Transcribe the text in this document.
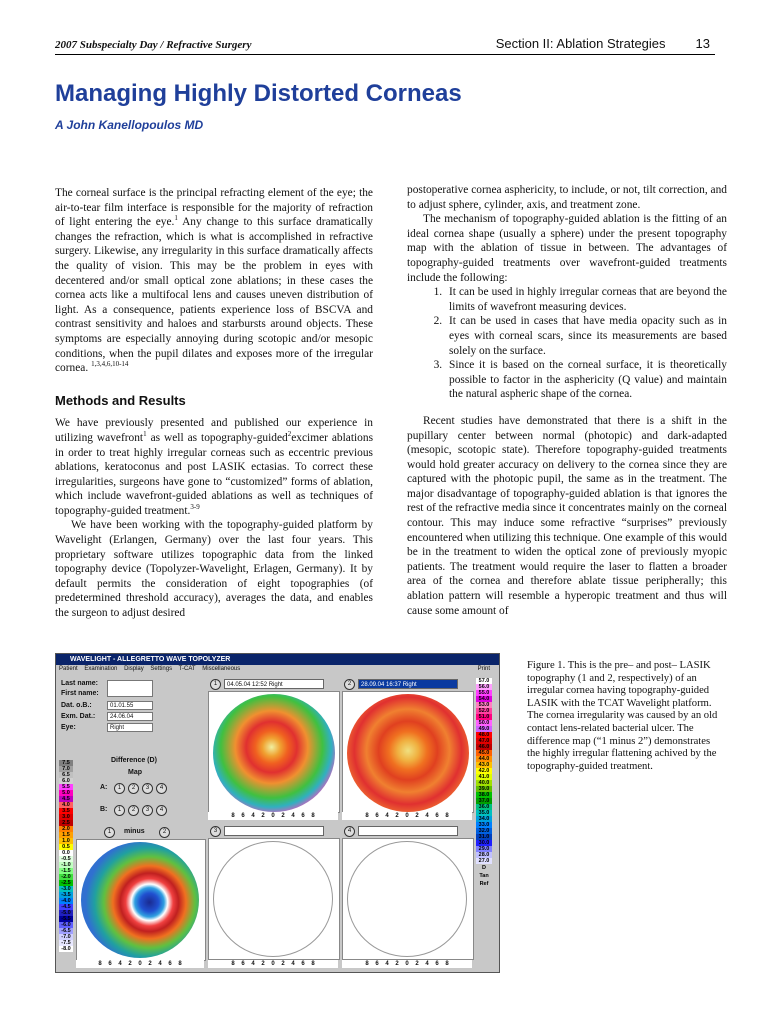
2007 Subspecialty Day / Refractive Surgery	Section II: Ablation Strategies 13
Managing Highly Distorted Corneas
A John Kanellopoulos MD

The corneal surface is the principal refracting element of the eye; the air-to-tear film interface is responsible for the majority of refraction of light entering the eye.$^1$ Any change to this surface dramatically changes the refraction, which is what is accomplished in refractive surgery. Likewise, any irregularity in this surface dramatically affects the quality of vision. This may be the problem in eyes with decentered and/or small optical zone ablations; in these cases the cornea acts like a multifocal lens and causes uneven distribution of light. As a consequence, patients experience loss of BSCVA and contrast sensitivity and haloes and starbursts around objects. These symptoms are especially annoying during scotopic and/or mesopic conditions, when the pupil dilates and exposes more of the irregular cornea. $^{1,3,4,6,10-14}$

Methods and Results

We have previously presented and published our experience in utilizing wavefront$^1$ as well as topography-guided$^2$excimer ablations in order to treat highly irregular corneas such as eccentric previous ablations, keratoconus and post LASIK ectasias. To correct these irregularities, surgeons have gone to “customized” forms of ablation, which include wavefront-guided ablations as well as techniques of topography-guided treatment.$^{3-9}$

We have been working with the topography-guided platform by Wavelight (Erlangen, Germany) over the last four years. This proprietary software utilizes topographic data from the linked topography device (Topolyzer-Wavelight, Erlagen, Germany). It by default permits the consideration of eight topographies (of predetermined threshold accuracy), averages the data, and enables the surgeon to adjust desired

postoperative cornea asphericity, to include, or not, tilt correction, and to adjust sphere, cylinder, axis, and treatment zone.

The mechanism of topography-guided ablation is the fitting of an ideal cornea shape (usually a sphere) under the present topography map with the ablation of tissue in between. The advantages of topography-guided treatments over wavefront-guided treatments include the following:

1. It can be used in highly irregular corneas that are beyond the limits of wavefront measuring devices.
2. It can be used in cases that have media opacity such as in eyes with corneal scars, since its measurements are based solely on the surface.
3. Since it is based on the corneal surface, it is theoretically possible to factor in the asphericity (Q value) and maintain the natural aspheric shape of the cornea.

Recent studies have demonstrated that there is a shift in the pupillary center between normal (photopic) and dark-adapted (mesopic, scotopic state). Therefore topography-guided treatments would hold greater accuracy on delivery to the cornea since they are captured with the photopic pupil, the same as in the treatment. The major disadvantage of topography-guided ablation is that ignores the rest of the refractive media since it concentrates mainly on the corneal contour. This may induce some refractive “surprises” previously encountered when utilizing this technique. One example of this would be in the treatment to widen the optical zone of previously myopic patients. The treatment would require the laser to flatten a broader area of the cornea and therefore ablate tissue peripherally; this ablation pattern will resemble a hyperopic treatment and thus will cause some amount of

WAVELIGHT - ALLEGRETTO WAVE TOPOLYZER
Patient Examination Display Settings T-CAT Miscellaneous	Print
Last name:
First name:
Dat. o.B.:	01.01.55
Exm. Dat.:	24.06.04
Eye:	Right
7.5
7.0
6.5
6.0
5.5
5.0
4.5
4.0
3.5
3.0
2.5
2.0
1.5
1.0
0.5
0.0
-0.5
-1.0
-1.5
-2.0
-2.5
-3.0
-3.5
-4.0
-4.5
-5.0
-5.5
-6.0
-6.5
-7.0
-7.5
-8.0
Difference (D)
Map
A:	1	2	3	4
B:	1	2	3	4
1	minus	2
8 6 4 2 0 2 4 6 8
1	04.05.04 12:52 Right
8 6 4 2 0 2 4 6 8
2	28.09.04 16:37 Right
8 6 4 2 0 2 4 6 8
3
8 6 4 2 0 2 4 6 8
4
8 6 4 2 0 2 4 6 8
57.0
56.0
55.0
54.0
53.0
52.0
51.0
50.0
49.0
48.0
47.0
46.0
45.0
44.0
43.0
42.0
41.0
40.0
39.0
38.0
37.0
36.0
35.0
34.0
33.0
32.0
31.0
30.0
29.0
28.0
27.0
D
Tan
Ref
Figure 1. This is the pre– and post– LASIK topography (1 and 2, respectively) of an irregular cornea having topography-guided LASIK with the TCAT Wavelight platform. The cornea irregularity was caused by an old contact lens-related bacterial ulcer. The difference map (“1 minus 2”) demonstrates the highly irregular flattening achived by the topography-guided treatment.
